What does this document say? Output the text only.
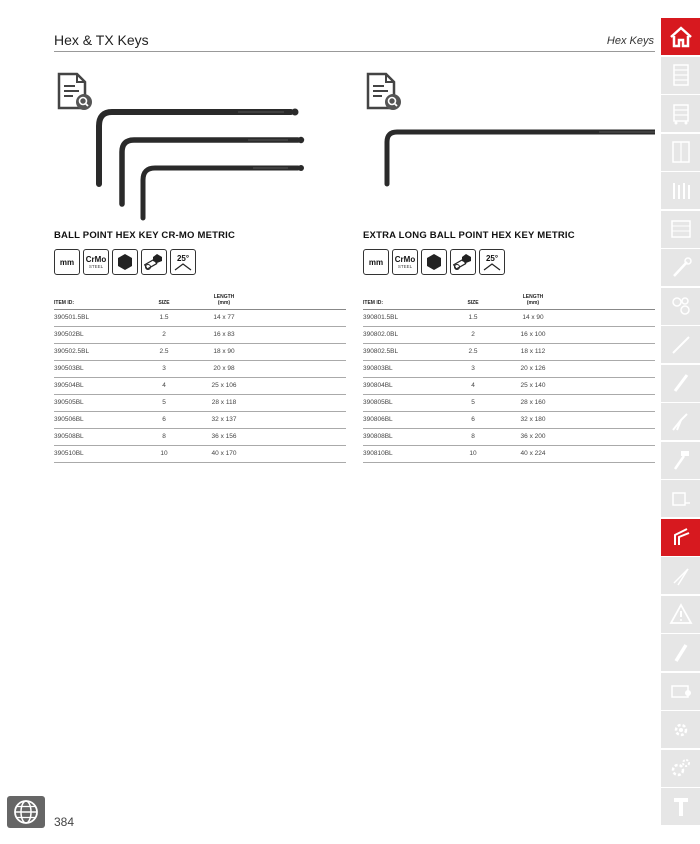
Hex & TX Keys	Hex Keys
BALL POINT HEX KEY CR-MO METRIC
mm CrMo
STEEL
25°
ITEM ID:	SIZE	LENGTH
(mm)	
390501.5BL	1.5	14 x 77	
390502BL	2	16 x 83	
390502.5BL	2.5	18 x 90	
390503BL	3	20 x 98	
390504BL	4	25 x 106	
390505BL	5	28 x 118	
390506BL	6	32 x 137	
390508BL	8	36 x 156	
390510BL	10	40 x 170	
EXTRA LONG BALL POINT HEX KEY METRIC
mm CrMo
STEEL
25°
ITEM ID:	SIZE	LENGTH
(mm)	
390801.5BL	1.5	14 x 90	
390802.0BL	2	16 x 100	
390802.5BL	2.5	18 x 112	
390803BL	3	20 x 126	
390804BL	4	25 x 140	
390805BL	5	28 x 160	
390806BL	6	32 x 180	
390808BL	8	36 x 200	
390810BL	10	40 x 224	
384
